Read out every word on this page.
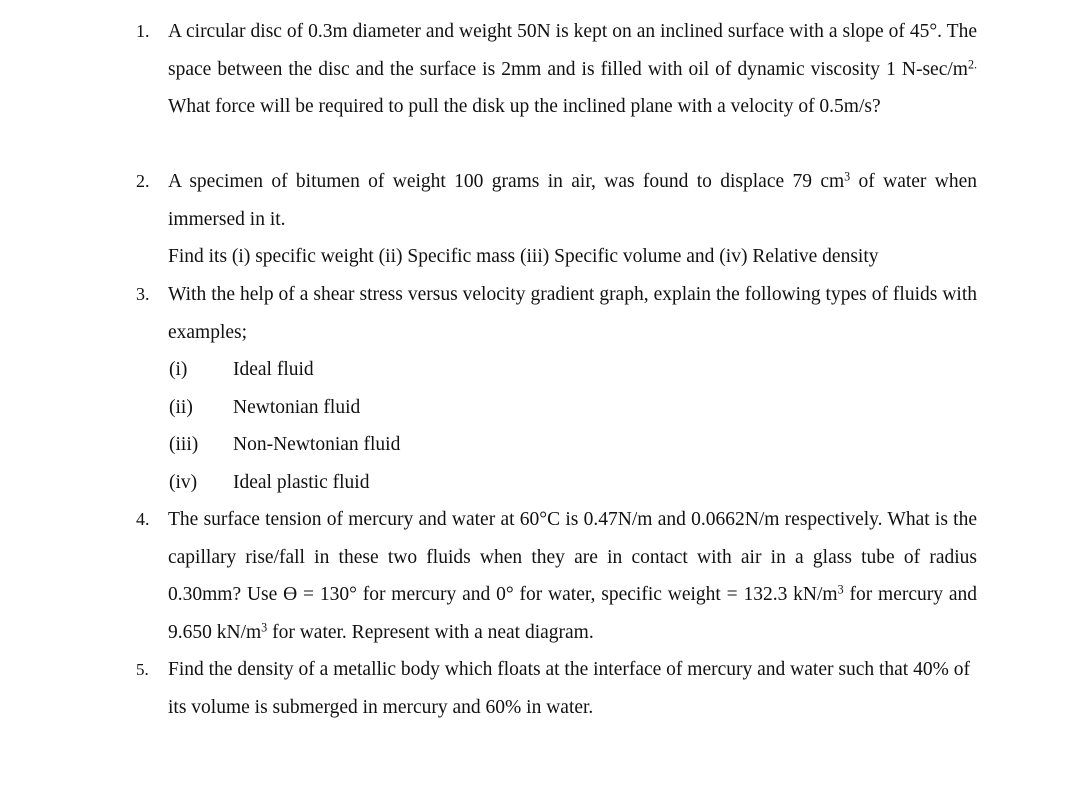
1. A circular disc of 0.3m diameter and weight 50N is kept on an inclined surface with a slope of 45°. The space between the disc and the surface is 2mm and is filled with oil of dynamic viscosity 1 $N-\sec/m^{2.}$ What force will be required to pull the disk up the inclined plane with a velocity of 0.5m/s?
2. A specimen of bitumen of weight 100 grams in air, was found to displace 79 $cm^3$ of water when immersed in it.
Find its (i) specific weight (ii) Specific mass (iii) Specific volume and (iv) Relative density
3. With the help of a shear stress versus velocity gradient graph, explain the following types of fluids with examples;
(i) Ideal fluid
(ii) Newtonian fluid
(iii) Non-Newtonian fluid
(iv) Ideal plastic fluid
4. The surface tension of mercury and water at 60°C is 0.47N/m and 0.0662N/m respectively. What is the capillary rise/fall in these two fluids when they are in contact with air in a glass tube of radius 0.30mm? Use ϴ = 130° for mercury and 0° for water, specific weight = 132.3 $kN/m^3$ for mercury and 9.650 $kN/m^3$ for water. Represent with a neat diagram.
5. Find the density of a metallic body which floats at the interface of mercury and water such that 40% of its volume is submerged in mercury and 60% in water.
